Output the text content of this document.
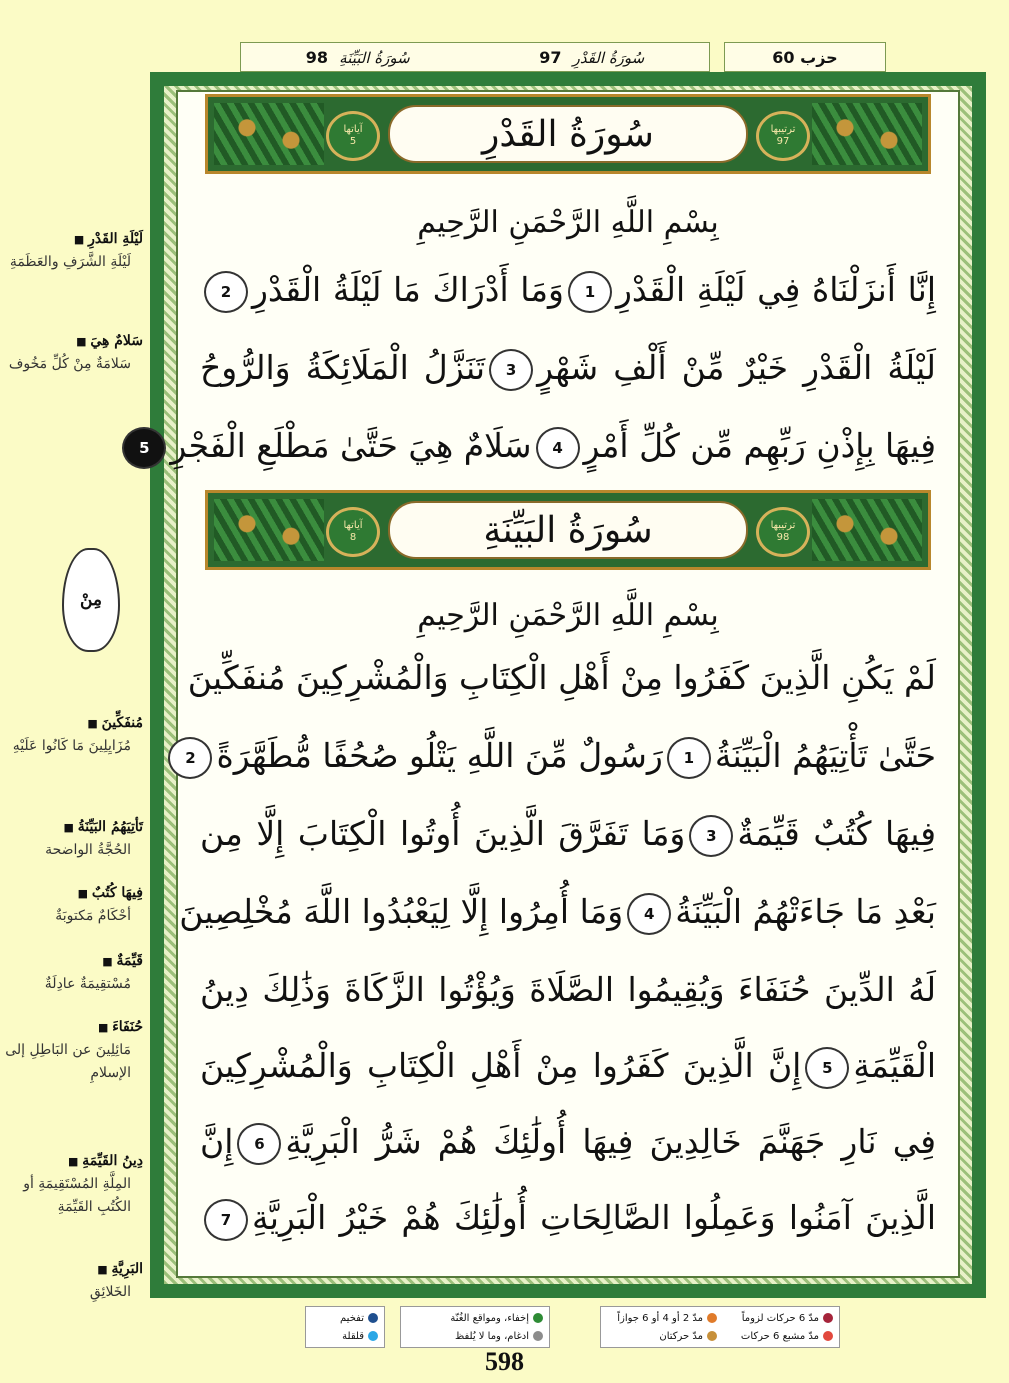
سُورَةُ القَدْرِ  97
سُورَةُ البَيِّنَةِ  98	حزب 60
آياتها
5
ترتيبها
97
سُورَةُ القَدْرِ
بِسْمِ اللَّهِ الرَّحْمَنِ الرَّحِيمِ
إِنَّا أَنزَلْنَاهُ فِي لَيْلَةِ الْقَدْرِ1وَمَا أَدْرَاكَ مَا لَيْلَةُ الْقَدْرِ2
لَيْلَةُ الْقَدْرِ خَيْرٌ مِّنْ أَلْفِ شَهْرٍ3تَنَزَّلُ الْمَلَائِكَةُ وَالرُّوحُ
فِيهَا بِإِذْنِ رَبِّهِم مِّن كُلِّ أَمْرٍ4سَلَامٌ هِيَ حَتَّىٰ مَطْلَعِ الْفَجْرِ5
آياتها
8
ترتيبها
98
سُورَةُ البَيِّنَةِ
بِسْمِ اللَّهِ الرَّحْمَنِ الرَّحِيمِ
لَمْ يَكُنِ الَّذِينَ كَفَرُوا مِنْ أَهْلِ الْكِتَابِ وَالْمُشْرِكِينَ مُنفَكِّينَ
حَتَّىٰ تَأْتِيَهُمُ الْبَيِّنَةُ1رَسُولٌ مِّنَ اللَّهِ يَتْلُو صُحُفًا مُّطَهَّرَةً2
فِيهَا كُتُبٌ قَيِّمَةٌ3وَمَا تَفَرَّقَ الَّذِينَ أُوتُوا الْكِتَابَ إِلَّا مِن
بَعْدِ مَا جَاءَتْهُمُ الْبَيِّنَةُ4وَمَا أُمِرُوا إِلَّا لِيَعْبُدُوا اللَّهَ مُخْلِصِينَ
لَهُ الدِّينَ حُنَفَاءَ وَيُقِيمُوا الصَّلَاةَ وَيُؤْتُوا الزَّكَاةَ وَذَٰلِكَ دِينُ
الْقَيِّمَةِ5إِنَّ الَّذِينَ كَفَرُوا مِنْ أَهْلِ الْكِتَابِ وَالْمُشْرِكِينَ
فِي نَارِ جَهَنَّمَ خَالِدِينَ فِيهَا أُولَٰئِكَ هُمْ شَرُّ الْبَرِيَّةِ6إِنَّ
الَّذِينَ آمَنُوا وَعَمِلُوا الصَّالِحَاتِ أُولَٰئِكَ هُمْ خَيْرُ الْبَرِيَّةِ7
لَيْلَةِ القَدْرِ ■
لَيْلَةِ الشَّرَفِ والعَظَمَةِ
سَلامٌ هِيَ ■
سَلامَةٌ مِنْ كُلِّ مَخُوف
مِنْ
مُنفَكِّينَ ■
مُزَايِلِينَ مَا كَانُوا عَلَيْهِ
تَأتِيَهُمُ البَيِّنَةُ ■
الحُجَّةُ الواضحة
فِيهَا كُتُبٌ ■
أحْكَامٌ مَكتوبَةٌ
قَيِّمَةٌ ■
مُسْتقِيمَةٌ عادِلَةٌ
حُنَفَاءَ ■
مَائِلِينَ عن البَاطِلِ إلى الإسلامِ
دِينُ القَيِّمَةِ ■
المِلَّةِ المُسْتَقِيمَةِ أو الكُتُبِ القَيِّمَةِ
البَرِيَّةِ ■
الخَلائِقِ
مدّ 6 حركات لزوماً
مدّ 2 أو 4 أو 6 جوازاً
مدّ مشبع 6 حركات
مدّ حركتان
إخفاء، ومواقع الغُنّة
ادغام، وما لا يُلفظ
تفخيم
قلقلة
598
